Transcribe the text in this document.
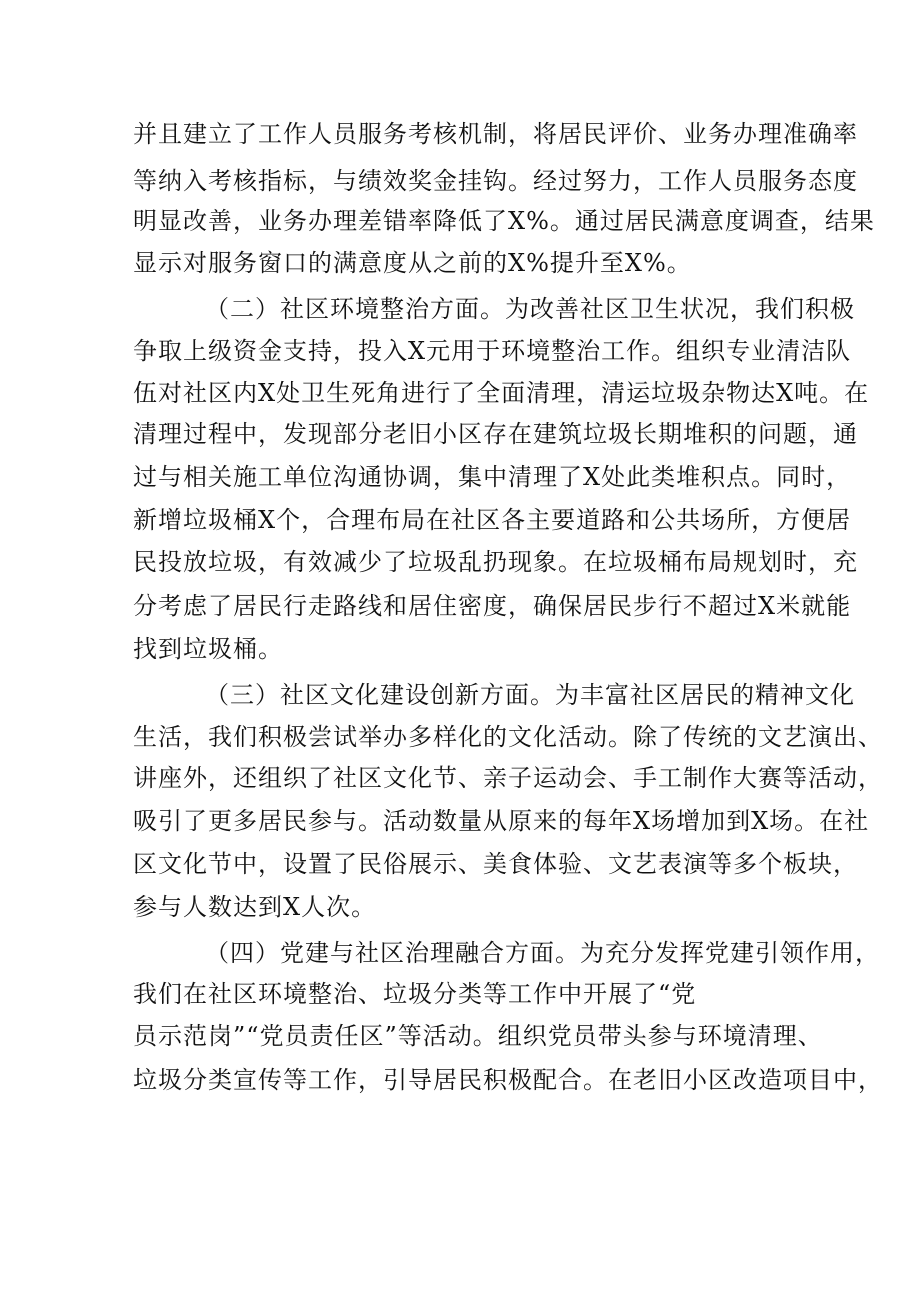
并且建立了工作人员服务考核机制，将居民评价、业务办理准确率
等纳入考核指标，与绩效奖金挂钩。经过努力，工作人员服务态度
明显改善，业务办理差错率降低了X%。通过居民满意度调查，结果
显示对服务窗口的满意度从之前的X%提升至X%。
（二）社区环境整治方面。为改善社区卫生状况，我们积极
争取上级资金支持，投入X元用于环境整治工作。组织专业清洁队
伍对社区内X处卫生死角进行了全面清理，清运垃圾杂物达X吨。在
清理过程中，发现部分老旧小区存在建筑垃圾长期堆积的问题，通
过与相关施工单位沟通协调，集中清理了X处此类堆积点。同时，
新增垃圾桶X个，合理布局在社区各主要道路和公共场所，方便居
民投放垃圾，有效减少了垃圾乱扔现象。在垃圾桶布局规划时，充
分考虑了居民行走路线和居住密度，确保居民步行不超过X米就能
找到垃圾桶。
（三）社区文化建设创新方面。为丰富社区居民的精神文化
生活，我们积极尝试举办多样化的文化活动。除了传统的文艺演出、
讲座外，还组织了社区文化节、亲子运动会、手工制作大赛等活动，
吸引了更多居民参与。活动数量从原来的每年X场增加到X场。在社
区文化节中，设置了民俗展示、美食体验、文艺表演等多个板块，
参与人数达到X人次。
（四）党建与社区治理融合方面。为充分发挥党建引领作用，
我们在社区环境整治、垃圾分类等工作中开展了“党
员示范岗”“党员责任区”等活动。组织党员带头参与环境清理、
垃圾分类宣传等工作，引导居民积极配合。在老旧小区改造项目中，
